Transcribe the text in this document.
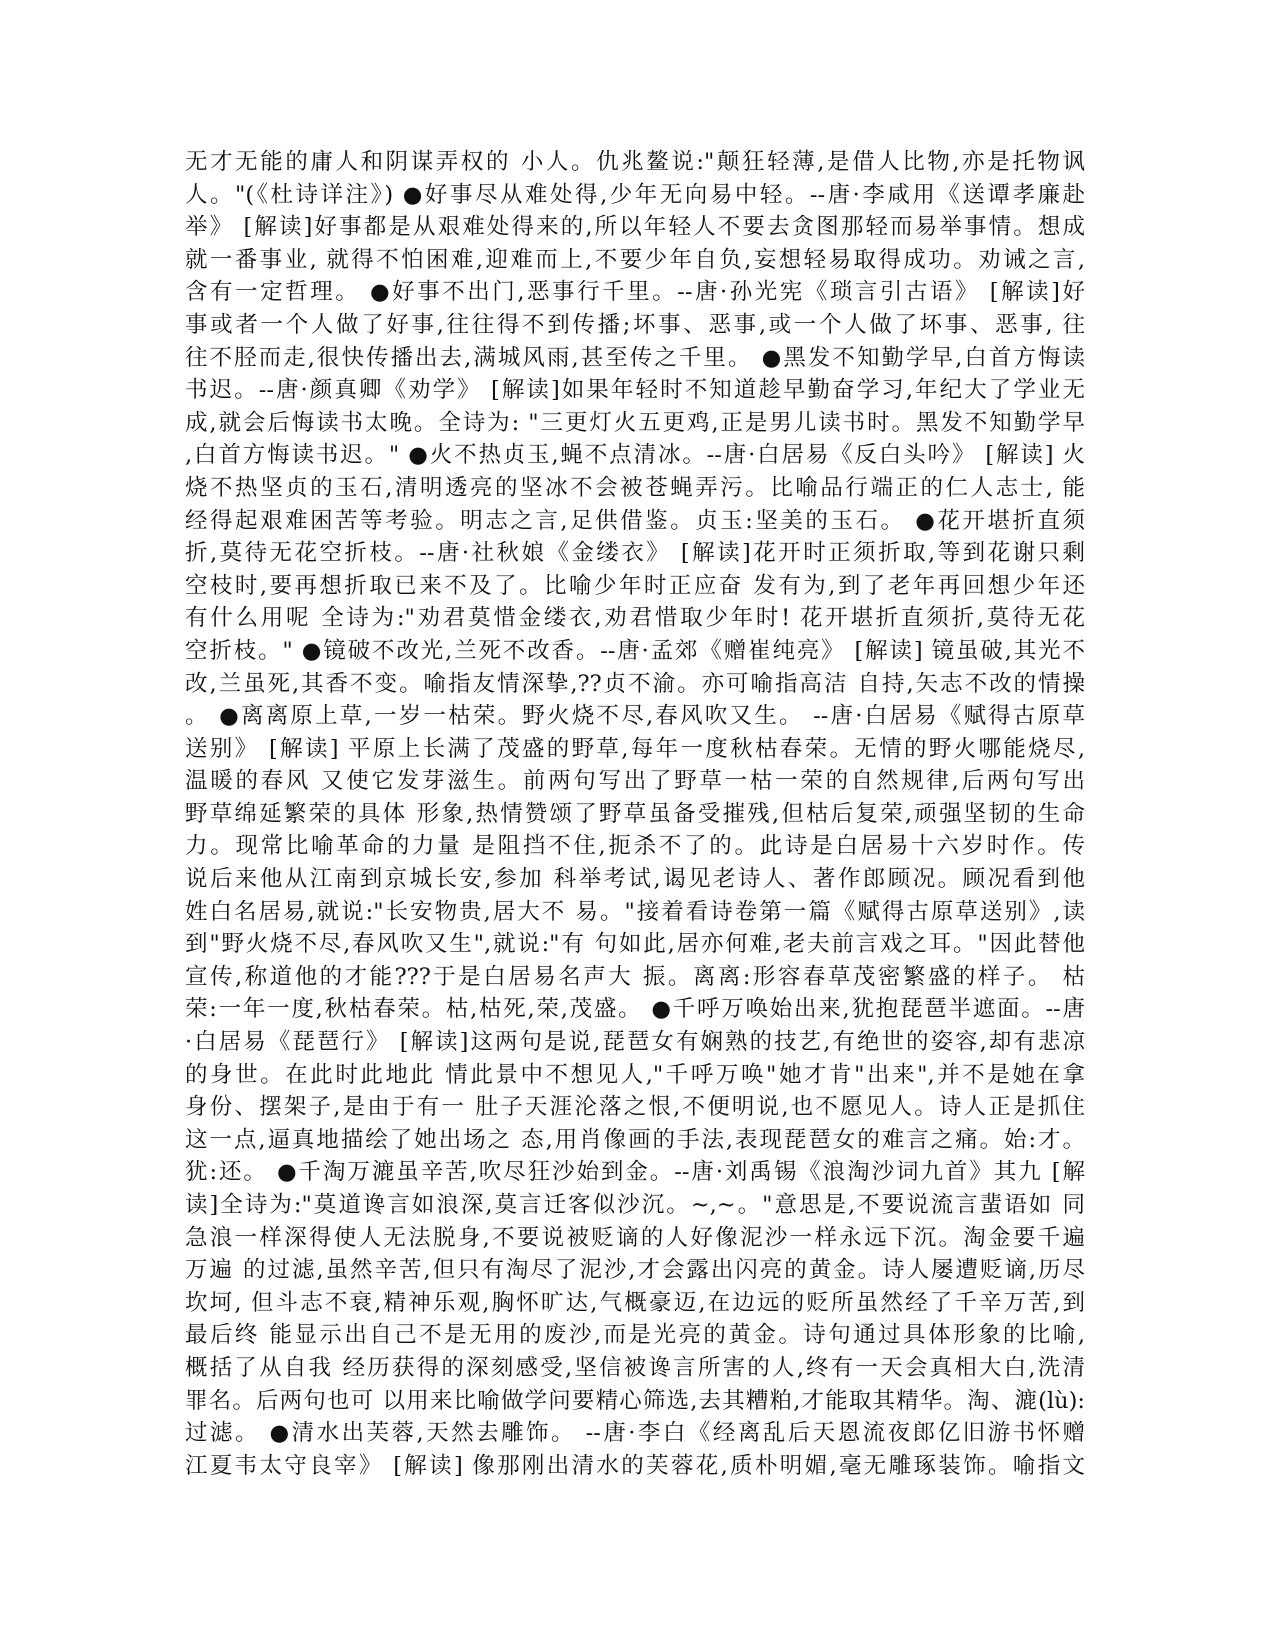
无才无能的庸人和阴谋弄权的 小人。仇兆鳌说:"颠狂轻薄,是借人比物,亦是托物讽
人。"(《杜诗详注》) ●好事尽从难处得,少年无向易中轻。--唐·李咸用《送谭孝廉赴
举》 [解读]好事都是从艰难处得来的,所以年轻人不要去贪图那轻而易举事情。想成
就一番事业, 就得不怕困难,迎难而上,不要少年自负,妄想轻易取得成功。劝诫之言,
含有一定哲理。 ●好事不出门,恶事行千里。--唐·孙光宪《琐言引古语》 [解读]好
事或者一个人做了好事,往往得不到传播;坏事、恶事,或一个人做了坏事、恶事, 往
往不胫而走,很快传播出去,满城风雨,甚至传之千里。 ●黑发不知勤学早,白首方悔读
书迟。--唐·颜真卿《劝学》 [解读]如果年轻时不知道趁早勤奋学习,年纪大了学业无
成,就会后悔读书太晚。全诗为: "三更灯火五更鸡,正是男儿读书时。黑发不知勤学早
,白首方悔读书迟。" ●火不热贞玉,蝇不点清冰。--唐·白居易《反白头吟》 [解读] 火
烧不热坚贞的玉石,清明透亮的坚冰不会被苍蝇弄污。比喻品行端正的仁人志士, 能
经得起艰难困苦等考验。明志之言,足供借鉴。贞玉:坚美的玉石。 ●花开堪折直须
折,莫待无花空折枝。--唐·社秋娘《金缕衣》 [解读]花开时正须折取,等到花谢只剩
空枝时,要再想折取已来不及了。比喻少年时正应奋 发有为,到了老年再回想少年还
有什么用呢 全诗为:"劝君莫惜金缕衣,劝君惜取少年时! 花开堪折直须折,莫待无花
空折枝。" ●镜破不改光,兰死不改香。--唐·孟郊《赠崔纯亮》 [解读] 镜虽破,其光不
改,兰虽死,其香不变。喻指友情深挚,??贞不渝。亦可喻指高洁 自持,矢志不改的情操
。 ●离离原上草,一岁一枯荣。野火烧不尽,春风吹又生。 --唐·白居易《赋得古原草
送别》 [解读] 平原上长满了茂盛的野草,每年一度秋枯春荣。无情的野火哪能烧尽,
温暖的春风 又使它发芽滋生。前两句写出了野草一枯一荣的自然规律,后两句写出
野草绵延繁荣的具体 形象,热情赞颂了野草虽备受摧残,但枯后复荣,顽强坚韧的生命
力。现常比喻革命的力量 是阻挡不住,扼杀不了的。此诗是白居易十六岁时作。传
说后来他从江南到京城长安,参加 科举考试,谒见老诗人、著作郎顾况。顾况看到他
姓白名居易,就说:"长安物贵,居大不 易。"接着看诗卷第一篇《赋得古原草送别》,读
到"野火烧不尽,春风吹又生",就说:"有 句如此,居亦何难,老夫前言戏之耳。"因此替他
宣传,称道他的才能???于是白居易名声大 振。离离:形容春草茂密繁盛的样子。 枯
荣:一年一度,秋枯春荣。枯,枯死,荣,茂盛。 ●千呼万唤始出来,犹抱琵琶半遮面。--唐
·白居易《琵琶行》 [解读]这两句是说,琵琶女有娴熟的技艺,有绝世的姿容,却有悲凉
的身世。在此时此地此 情此景中不想见人,"千呼万唤"她才肯"出来",并不是她在拿
身份、摆架子,是由于有一 肚子天涯沦落之恨,不便明说,也不愿见人。诗人正是抓住
这一点,逼真地描绘了她出场之 态,用肖像画的手法,表现琵琶女的难言之痛。始:才。
犹:还。 ●千淘万漉虽辛苦,吹尽狂沙始到金。--唐·刘禹锡《浪淘沙词九首》其九 [解
读]全诗为:"莫道谗言如浪深,莫言迁客似沙沉。~,~。"意思是,不要说流言蜚语如 同
急浪一样深得使人无法脱身,不要说被贬谪的人好像泥沙一样永远下沉。淘金要千遍
万遍 的过滤,虽然辛苦,但只有淘尽了泥沙,才会露出闪亮的黄金。诗人屡遭贬谪,历尽
坎坷, 但斗志不衰,精神乐观,胸怀旷达,气概豪迈,在边远的贬所虽然经了千辛万苦,到
最后终 能显示出自己不是无用的废沙,而是光亮的黄金。诗句通过具体形象的比喻,
概括了从自我 经历获得的深刻感受,坚信被谗言所害的人,终有一天会真相大白,洗清
罪名。后两句也可 以用来比喻做学问要精心筛选,去其糟粕,才能取其精华。淘、漉(lù):
过滤。 ●清水出芙蓉,天然去雕饰。 --唐·李白《经离乱后天恩流夜郎亿旧游书怀赠
江夏韦太守良宰》 [解读] 像那刚出清水的芙蓉花,质朴明媚,毫无雕琢装饰。喻指文
